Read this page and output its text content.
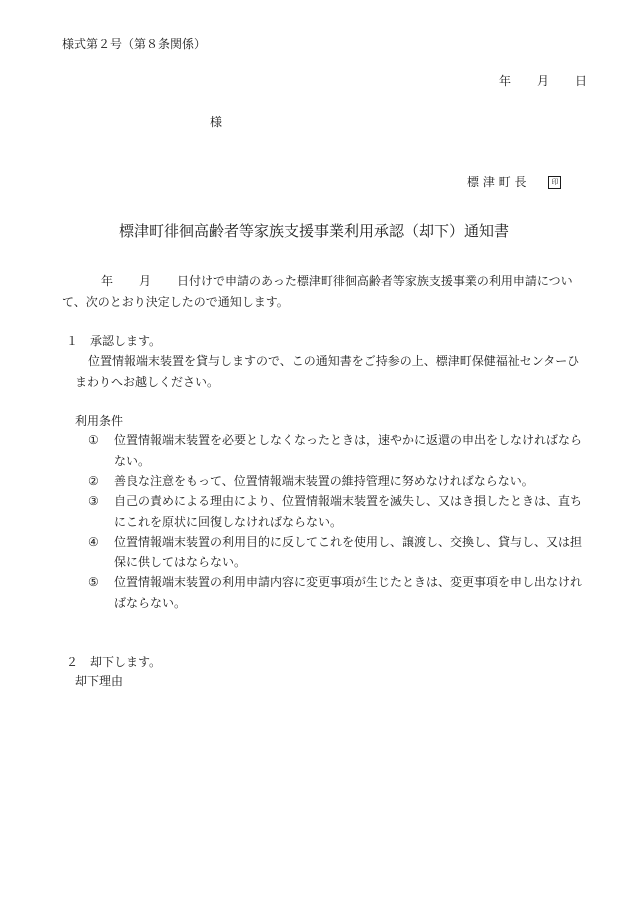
様式第２号（第８条関係）
年 月 日
様
標 津 町 長	印
標津町徘徊高齢者等家族支援事業利用承認（却下）通知書
年 月 日付けで申請のあった標津町徘徊高齢者等家族支援事業の利用申請につい
て、次のとおり決定したので通知します。
１　承認します。
位置情報端末装置を貸与しますので、この通知書をご持参の上、標津町保健福祉センターひ
まわりへお越しください。
利用条件
① 位置情報端末装置を必要としなくなったときは，速やかに返還の申出をしなければなら
ない。
② 善良な注意をもって、位置情報端末装置の維持管理に努めなければならない。
③ 自己の責めによる理由により、位置情報端末装置を滅失し、又はき損したときは、直ち
にこれを原状に回復しなければならない。
④ 位置情報端末装置の利用目的に反してこれを使用し、譲渡し、交換し、貸与し、又は担
保に供してはならない。
⑤ 位置情報端末装置の利用申請内容に変更事項が生じたときは、変更事項を申し出なけれ
ばならない。
２　却下します。
却下理由
